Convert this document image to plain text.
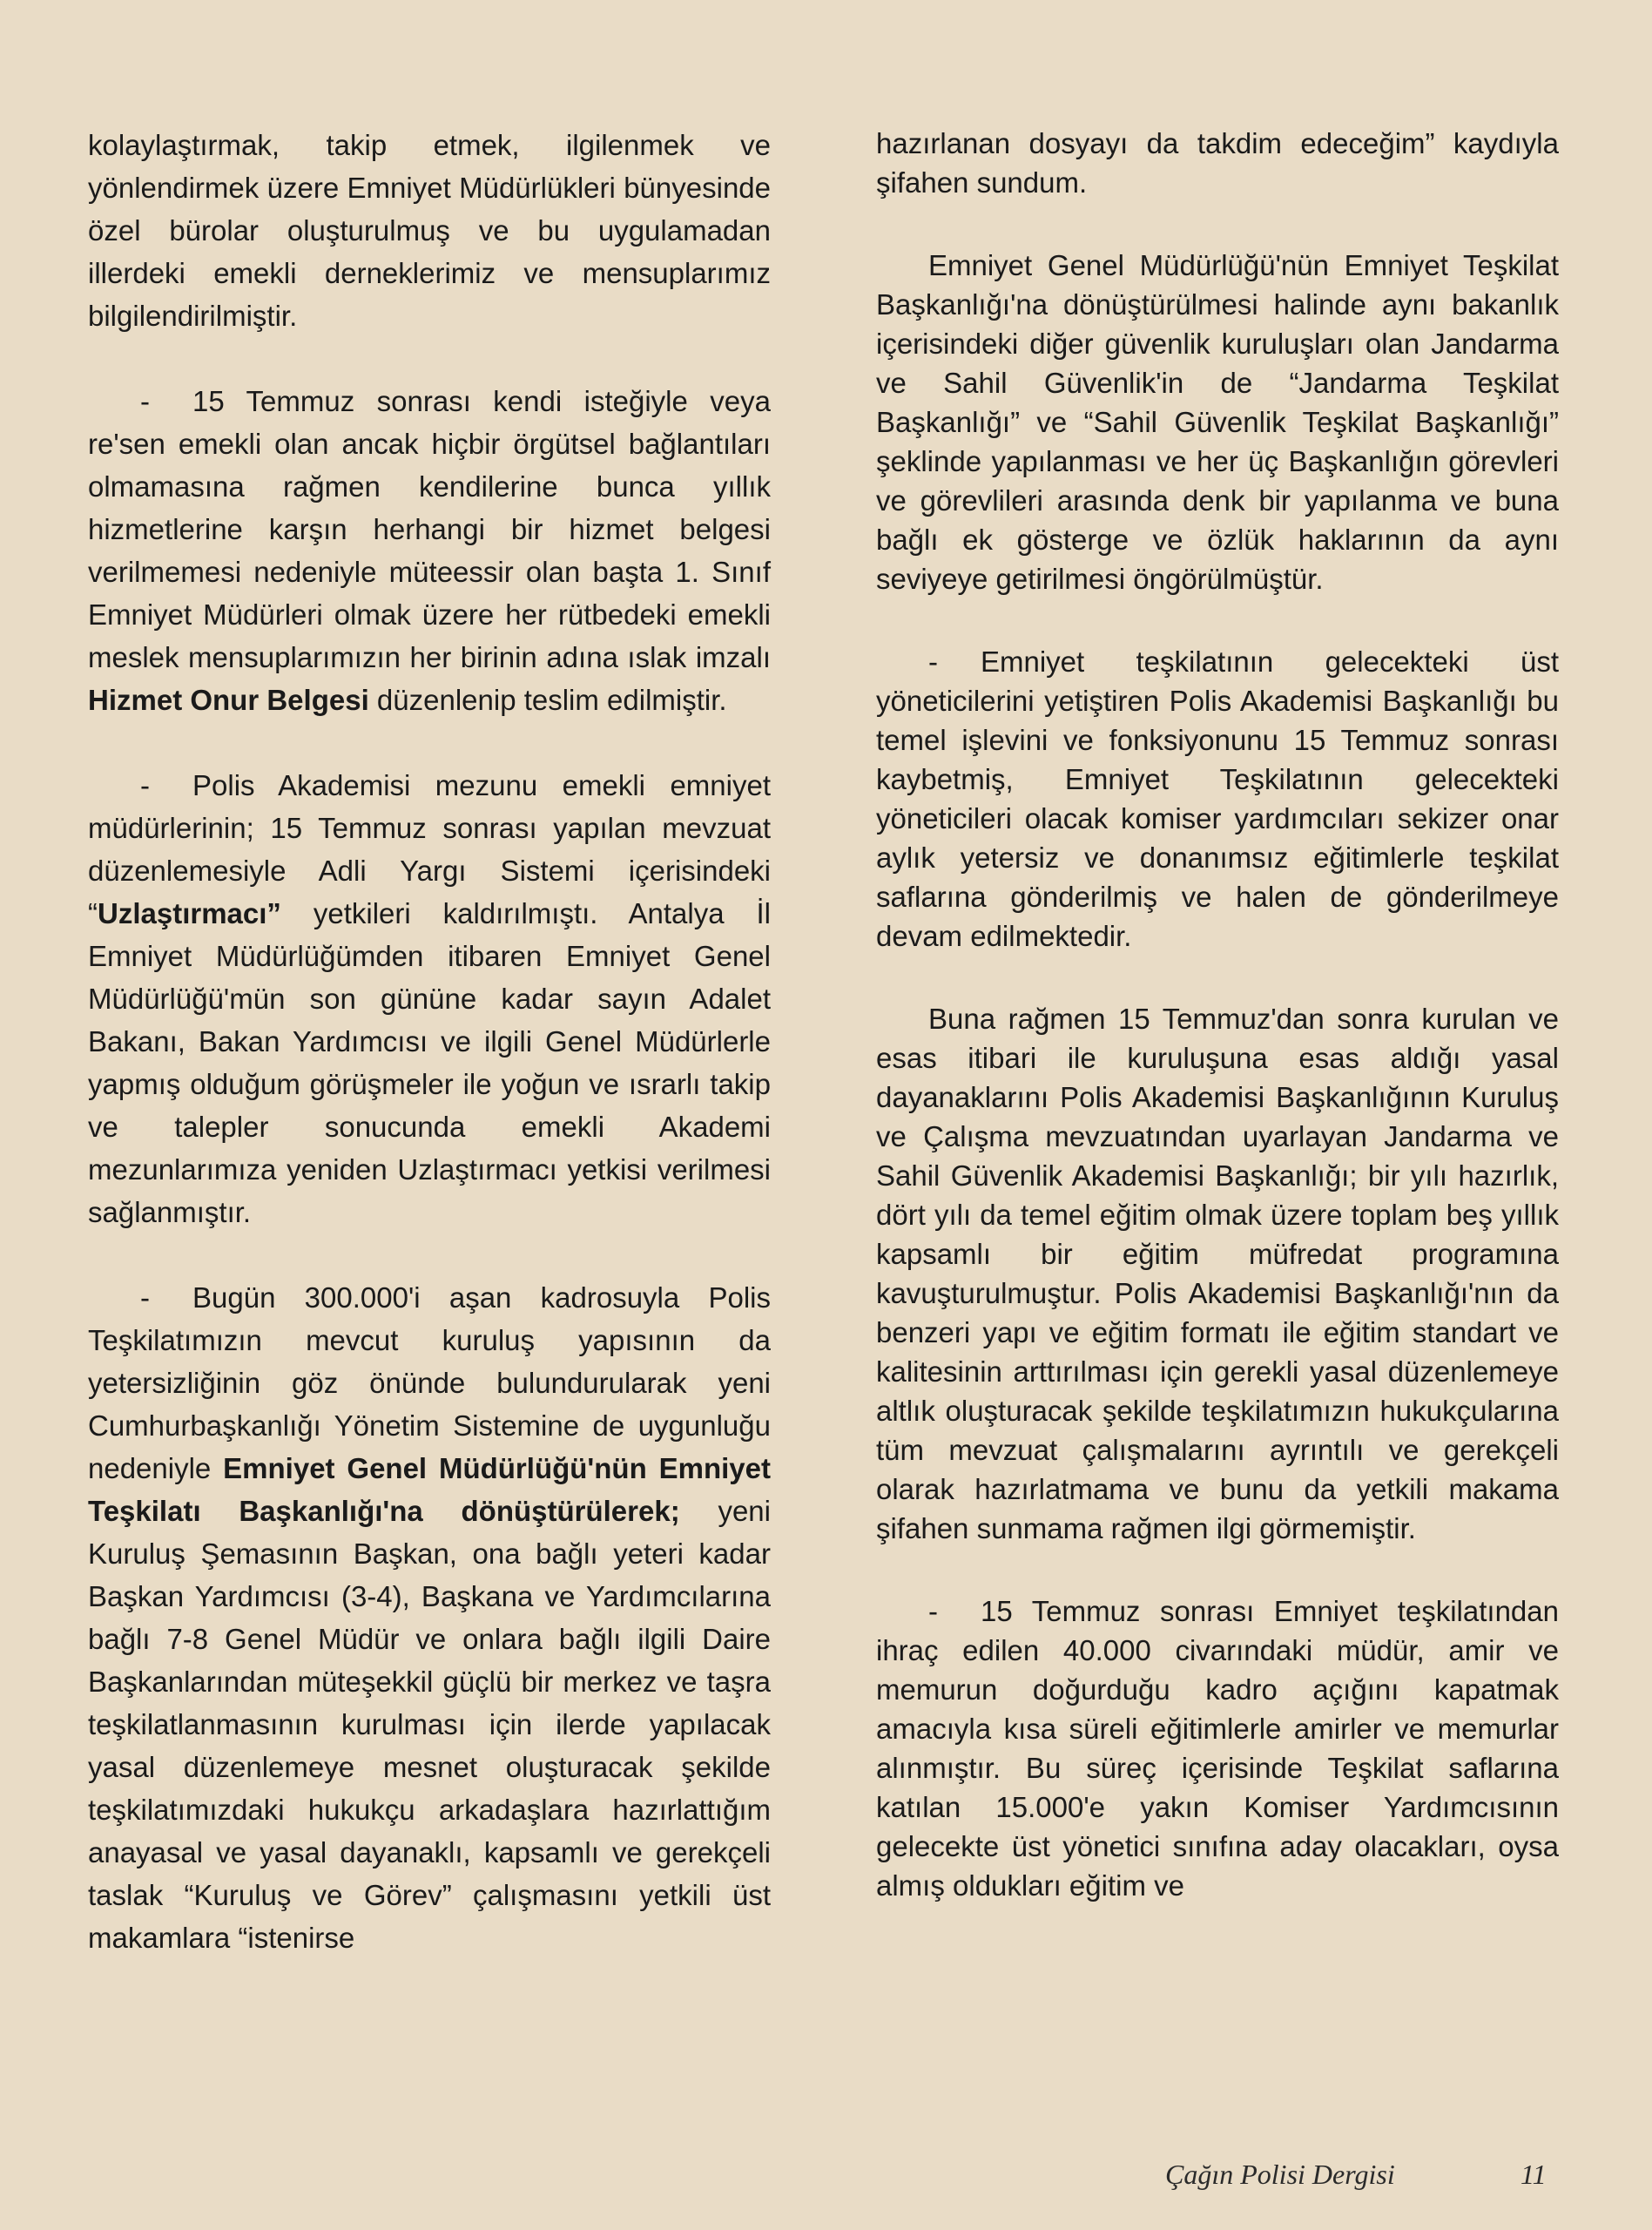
kolaylaştırmak, takip etmek, ilgilenmek ve yönlendirmek üzere Emniyet Müdürlükleri bünyesinde özel bürolar oluşturulmuş ve bu uygulamadan illerdeki emekli derneklerimiz ve mensuplarımız bilgilendirilmiştir.

- 15 Temmuz sonrası kendi isteğiyle veya re'sen emekli olan ancak hiçbir örgütsel bağlantıları olmamasına rağmen kendilerine bunca yıllık hizmetlerine karşın herhangi bir hizmet belgesi verilmemesi nedeniyle müteessir olan başta 1. Sınıf Emniyet Müdürleri olmak üzere her rütbedeki emekli meslek mensuplarımızın her birinin adına ıslak imzalı Hizmet Onur Belgesi düzenlenip teslim edilmiştir.

- Polis Akademisi mezunu emekli emniyet müdürlerinin; 15 Temmuz sonrası yapılan mevzuat düzenlemesiyle Adli Yargı Sistemi içerisindeki “Uzlaştırmacı” yetkileri kaldırılmıştı. Antalya İl Emniyet Müdürlüğümden itibaren Emniyet Genel Müdürlüğü'mün son gününe kadar sayın Adalet Bakanı, Bakan Yardımcısı ve ilgili Genel Müdürlerle yapmış olduğum görüşmeler ile yoğun ve ısrarlı takip ve talepler sonucunda emekli Akademi mezunlarımıza yeniden Uzlaştırmacı yetkisi verilmesi sağlanmıştır.

- Bugün 300.000'i aşan kadrosuyla Polis Teşkilatımızın mevcut kuruluş yapısının da yetersizliğinin göz önünde bulundurularak yeni Cumhurbaşkanlığı Yönetim Sistemine de uygunluğu nedeniyle Emniyet Genel Müdürlüğü'nün Emniyet Teşkilatı Başkanlığı'na dönüştürülerek; yeni Kuruluş Şemasının Başkan, ona bağlı yeteri kadar Başkan Yardımcısı (3-4), Başkana ve Yardımcılarına bağlı 7-8 Genel Müdür ve onlara bağlı ilgili Daire Başkanlarından müteşekkil güçlü bir merkez ve taşra teşkilatlanmasının kurulması için ilerde yapılacak yasal düzenlemeye mesnet oluşturacak şekilde teşkilatımızdaki hukukçu arkadaşlara hazırlattığım anayasal ve yasal dayanaklı, kapsamlı ve gerekçeli taslak “Kuruluş ve Görev” çalışmasını yetkili üst makamlara “istenirse

hazırlanan dosyayı da takdim edeceğim” kaydıyla şifahen sundum.

Emniyet Genel Müdürlüğü'nün Emniyet Teşkilat Başkanlığı'na dönüştürülmesi halinde aynı bakanlık içerisindeki diğer güvenlik kuruluşları olan Jandarma ve Sahil Güvenlik'in de “Jandarma Teşkilat Başkanlığı” ve “Sahil Güvenlik Teşkilat Başkanlığı” şeklinde yapılanması ve her üç Başkanlığın görevleri ve görevlileri arasında denk bir yapılanma ve buna bağlı ek gösterge ve özlük haklarının da aynı seviyeye getirilmesi öngörülmüştür.

- Emniyet teşkilatının gelecekteki üst yöneticilerini yetiştiren Polis Akademisi Başkanlığı bu temel işlevini ve fonksiyonunu 15 Temmuz sonrası kaybetmiş, Emniyet Teşkilatının gelecekteki yöneticileri olacak komiser yardımcıları sekizer onar aylık yetersiz ve donanımsız eğitimlerle teşkilat saflarına gönderilmiş ve halen de gönderilmeye devam edilmektedir.

Buna rağmen 15 Temmuz'dan sonra kurulan ve esas itibari ile kuruluşuna esas aldığı yasal dayanaklarını Polis Akademisi Başkanlığının Kuruluş ve Çalışma mevzuatından uyarlayan Jandarma ve Sahil Güvenlik Akademisi Başkanlığı; bir yılı hazırlık, dört yılı da temel eğitim olmak üzere toplam beş yıllık kapsamlı bir eğitim müfredat programına kavuşturulmuştur. Polis Akademisi Başkanlığı'nın da benzeri yapı ve eğitim formatı ile eğitim standart ve kalitesinin arttırılması için gerekli yasal düzenlemeye altlık oluşturacak şekilde teşkilatımızın hukukçularına tüm mevzuat çalışmalarını ayrıntılı ve gerekçeli olarak hazırlatmama ve bunu da yetkili makama şifahen sunmama rağmen ilgi görmemiştir.

- 15 Temmuz sonrası Emniyet teşkilatından ihraç edilen 40.000 civarındaki müdür, amir ve memurun doğurduğu kadro açığını kapatmak amacıyla kısa süreli eğitimlerle amirler ve memurlar alınmıştır. Bu süreç içerisinde Teşkilat saflarına katılan 15.000'e yakın Komiser Yardımcısının gelecekte üst yönetici sınıfına aday olacakları, oysa almış oldukları eğitim ve

Çağın Polisi Dergisi	11
